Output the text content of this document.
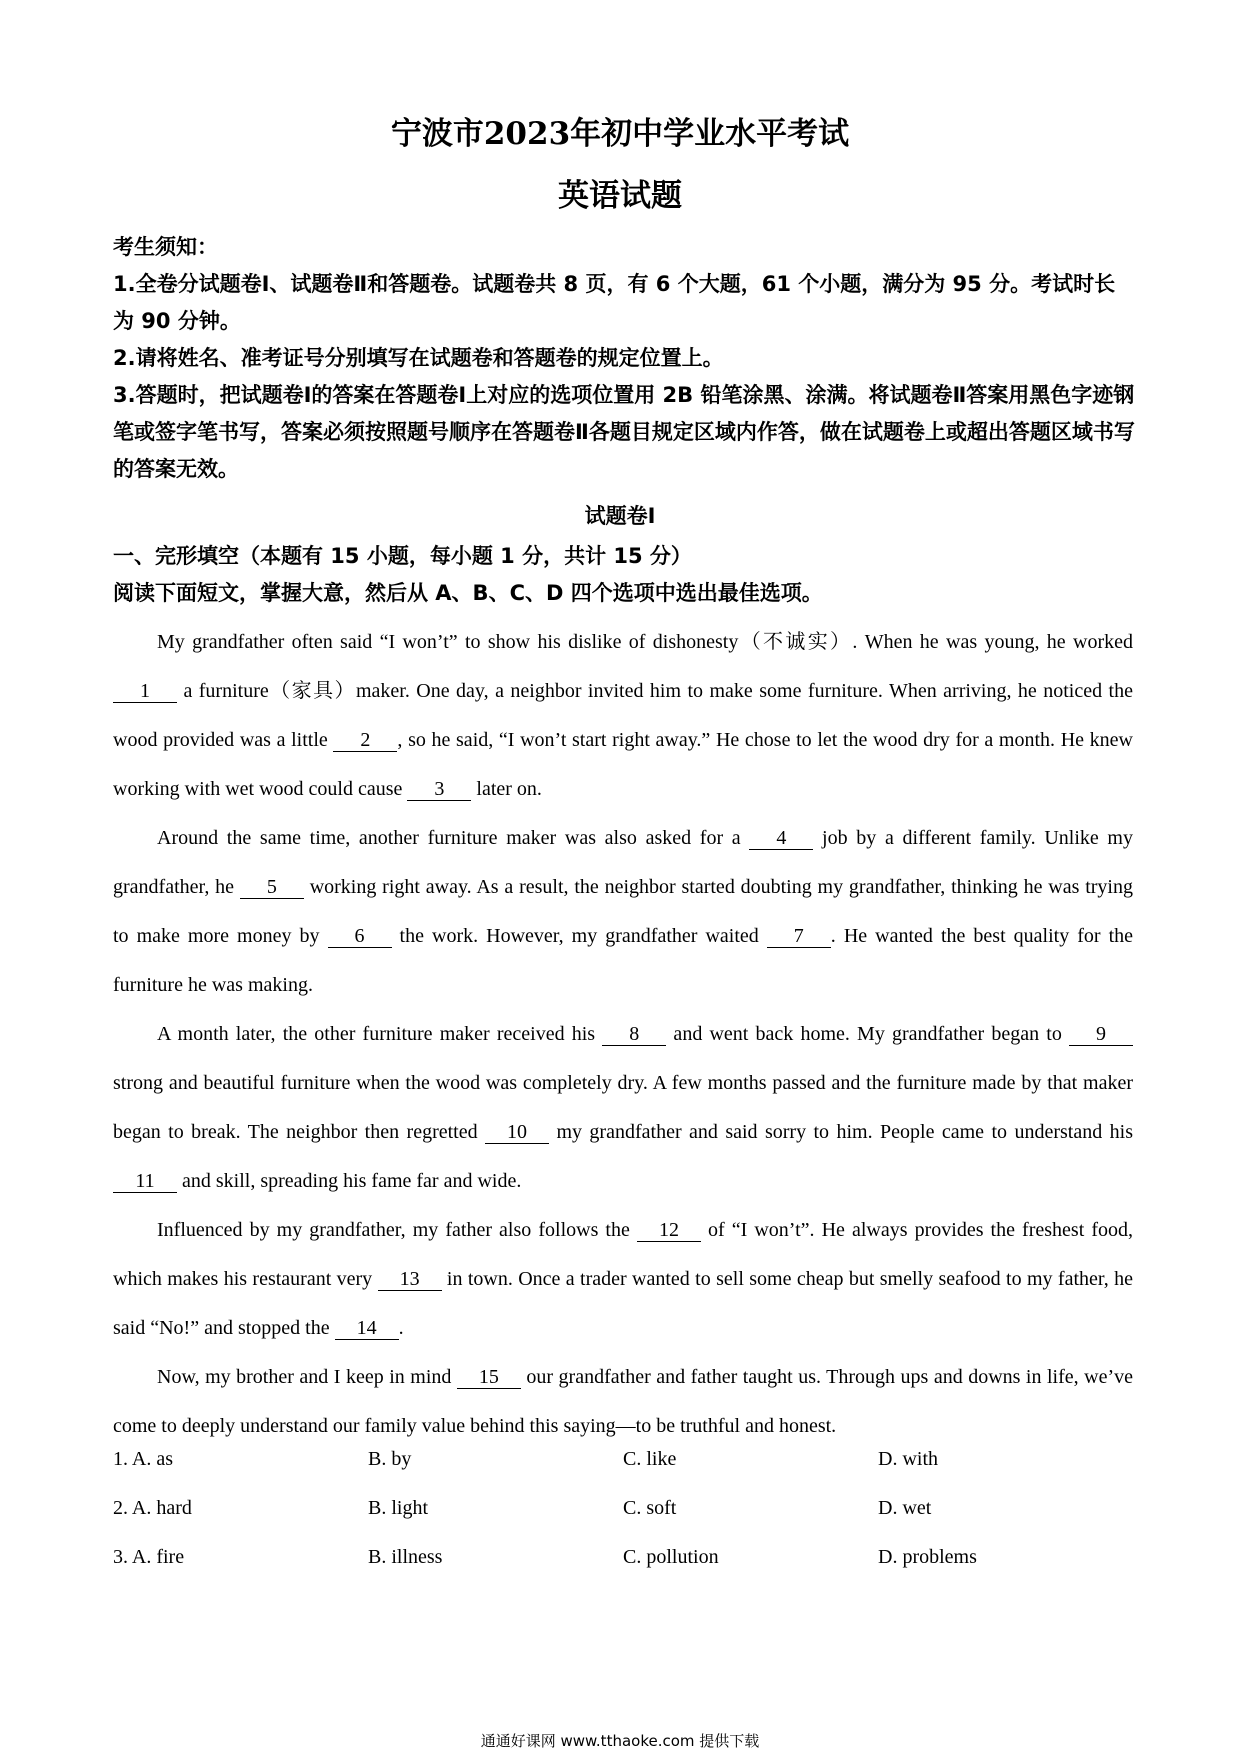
宁波市2023年初中学业水平考试
英语试题
考生须知：

1.全卷分试题卷Ⅰ、试题卷Ⅱ和答题卷。试题卷共 8 页，有 6 个大题，61 个小题，满分为 95 分。考试时长为 90 分钟。

2.请将姓名、准考证号分别填写在试题卷和答题卷的规定位置上。

3.答题时，把试题卷Ⅰ的答案在答题卷Ⅰ上对应的选项位置用 2B 铅笔涂黑、涂满。将试题卷Ⅱ答案用黑色字迹钢笔或签字笔书写，答案必须按照题号顺序在答题卷Ⅱ各题目规定区域内作答，做在试题卷上或超出答题区域书写的答案无效。

试题卷Ⅰ
一、完形填空（本题有 15 小题，每小题 1 分，共计 15 分）
阅读下面短文，掌握大意，然后从 A、B、C、D 四个选项中选出最佳选项。

My grandfather often said “I won’t” to show his dislike of dishonesty（不诚实）. When he was young, he worked 1 a furniture（家具）maker. One day, a neighbor invited him to make some furniture. When arriving, he noticed the wood provided was a little 2 , so he said, “I won’t start right away.” He chose to let the wood dry for a month. He knew working with wet wood could cause 3 later on.

Around the same time, another furniture maker was also asked for a 4 job by a different family. Unlike my grandfather, he 5 working right away. As a result, the neighbor started doubting my grandfather, thinking he was trying to make more money by 6 the work. However, my grandfather waited 7 . He wanted the best quality for the furniture he was making.

A month later, the other furniture maker received his 8 and went back home. My grandfather began to 9 strong and beautiful furniture when the wood was completely dry. A few months passed and the furniture made by that maker began to break. The neighbor then regretted 10 my grandfather and said sorry to him. People came to understand his 11 and skill, spreading his fame far and wide.

Influenced by my grandfather, my father also follows the 12 of “I won’t”. He always provides the freshest food, which makes his restaurant very 13 in town. Once a trader wanted to sell some cheap but smelly seafood to my father, he said “No!” and stopped the 14 .

Now, my brother and I keep in mind 15 our grandfather and father taught us. Through ups and downs in life, we’ve come to deeply understand our family value behind this saying—to be truthful and honest.

1. A. as	B. by	C. like	D. with
2. A. hard	B. light	C. soft	D. wet
3. A. fire	B. illness	C. pollution	D. problems
通通好课网 www.tthaoke.com 提供下载
